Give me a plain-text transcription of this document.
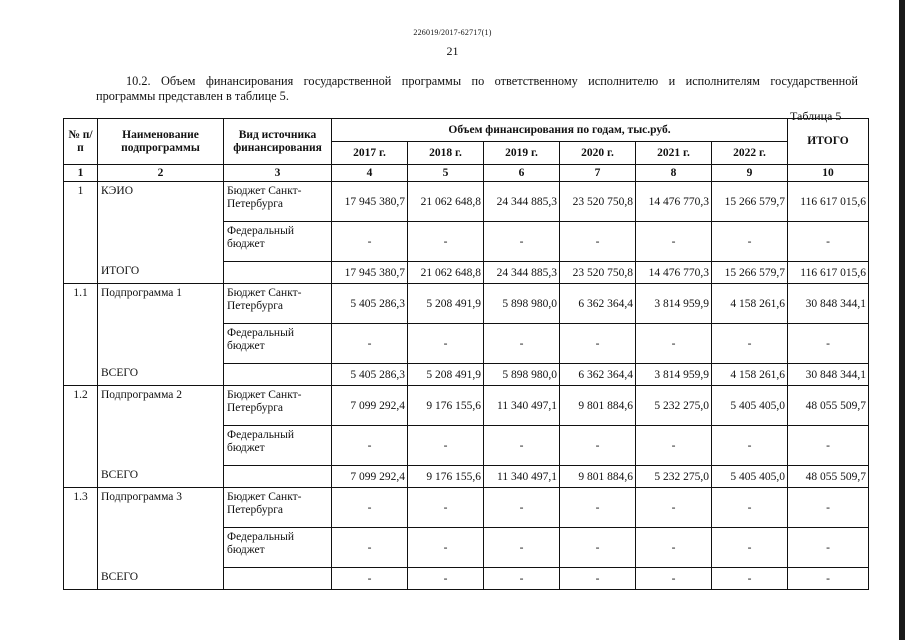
226019/2017-62717(1)
21
10.2. Объем финансирования государственной программы по ответственному исполнителю и исполнителям государственной
программы представлен в таблице 5.
Таблица 5
№ п/п	Наименование подпрограммы	Вид источника финансирования	Объем финансирования по годам, тыс.руб.						ИТОГО
			2017 г.	2018 г.	2019 г.	2020 г.	2021 г.	2022 г.	
1	2	3	4	5	6	7	8	9	10
1	КЭИО	Бюджет Санкт-Петербурга	17 945 380,7	21 062 648,8	24 344 885,3	23 520 750,8	14 476 770,3	15 266 579,7	116 617 015,6
		Федеральный бюджет	-	-	-	-	-	-	-
	ИТОГО		17 945 380,7	21 062 648,8	24 344 885,3	23 520 750,8	14 476 770,3	15 266 579,7	116 617 015,6
1.1	Подпрограмма 1	Бюджет Санкт-Петербурга	5 405 286,3	5 208 491,9	5 898 980,0	6 362 364,4	3 814 959,9	4 158 261,6	30 848 344,1
		Федеральный бюджет	-	-	-	-	-	-	-
	ВСЕГО		5 405 286,3	5 208 491,9	5 898 980,0	6 362 364,4	3 814 959,9	4 158 261,6	30 848 344,1
1.2	Подпрограмма 2	Бюджет Санкт-Петербурга	7 099 292,4	9 176 155,6	11 340 497,1	9 801 884,6	5 232 275,0	5 405 405,0	48 055 509,7
		Федеральный бюджет	-	-	-	-	-	-	-
	ВСЕГО		7 099 292,4	9 176 155,6	11 340 497,1	9 801 884,6	5 232 275,0	5 405 405,0	48 055 509,7
1.3	Подпрограмма 3	Бюджет Санкт-Петербурга	-	-	-	-	-	-	-
		Федеральный бюджет	-	-	-	-	-	-	-
	ВСЕГО		-	-	-	-	-	-	-
